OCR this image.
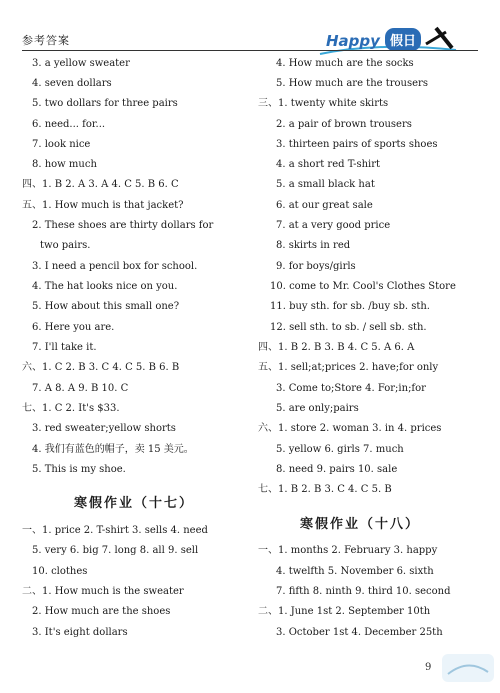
参考答案	Happy 假日
3. a yellow sweater
4. seven dollars
5. two dollars for three pairs
6. need... for...
7. look nice
8. how much
四、1. B 2. A 3. A 4. C 5. B 6. C
五、1. How much is that jacket?
2. These shoes are thirty dollars for
two pairs.
3. I need a pencil box for school.
4. The hat looks nice on you.
5. How about this small one?
6. Here you are.
7. I'll take it.
六、1. C 2. B 3. C 4. C 5. B 6. B
7. A 8. A 9. B 10. C
七、1. C 2. It's $33.
3. red sweater;yellow shorts
4. 我们有蓝色的帽子，卖 15 美元。
5. This is my shoe.
寒假作业（十七）
一、1. price 2. T-shirt 3. sells 4. need
5. very 6. big 7. long 8. all 9. sell
10. clothes
二、1. How much is the sweater
2. How much are the shoes
3. It's eight dollars
4. How much are the socks
5. How much are the trousers
三、1. twenty white skirts
2. a pair of brown trousers
3. thirteen pairs of sports shoes
4. a short red T-shirt
5. a small black hat
6. at our great sale
7. at a very good price
8. skirts in red
9. for boys/girls
10. come to Mr. Cool's Clothes Store
11. buy sth. for sb. /buy sb. sth.
12. sell sth. to sb. / sell sb. sth.
四、1. B 2. B 3. B 4. C 5. A 6. A
五、1. sell;at;prices 2. have;for only
3. Come to;Store 4. For;in;for
5. are only;pairs
六、1. store 2. woman 3. in 4. prices
5. yellow 6. girls 7. much
8. need 9. pairs 10. sale
七、1. B 2. B 3. C 4. C 5. B
寒假作业（十八）
一、1. months 2. February 3. happy
4. twelfth 5. November 6. sixth
7. fifth 8. ninth 9. third 10. second
二、1. June 1st 2. September 10th
3. October 1st 4. December 25th
9
